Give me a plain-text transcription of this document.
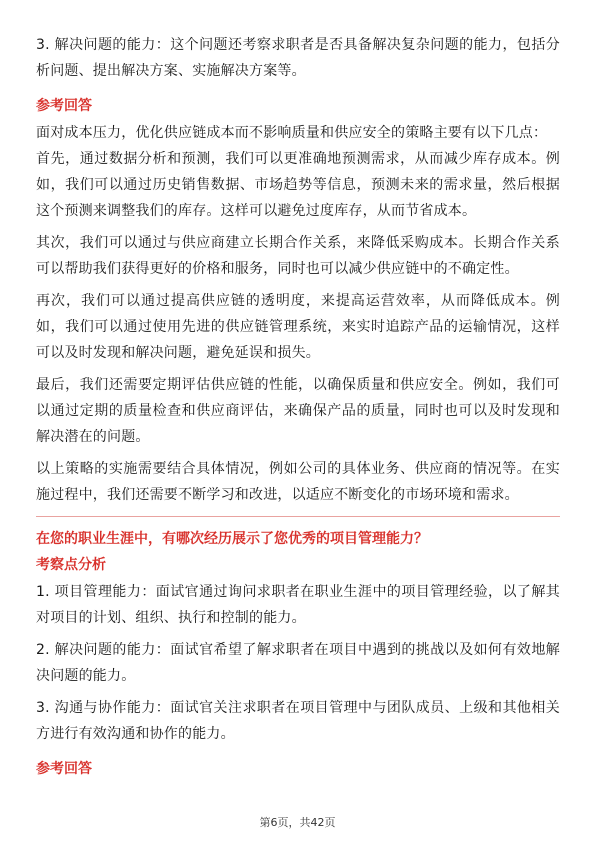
3. 解决问题的能力：这个问题还考察求职者是否具备解决复杂问题的能力，包括分析问题、提出解决方案、实施解决方案等。

参考回答

面对成本压力，优化供应链成本而不影响质量和供应安全的策略主要有以下几点：

首先，通过数据分析和预测，我们可以更准确地预测需求，从而减少库存成本。例如，我们可以通过历史销售数据、市场趋势等信息，预测未来的需求量，然后根据这个预测来调整我们的库存。这样可以避免过度库存，从而节省成本。

其次，我们可以通过与供应商建立长期合作关系，来降低采购成本。长期合作关系可以帮助我们获得更好的价格和服务，同时也可以减少供应链中的不确定性。

再次，我们可以通过提高供应链的透明度，来提高运营效率，从而降低成本。例如，我们可以通过使用先进的供应链管理系统，来实时追踪产品的运输情况，这样可以及时发现和解决问题，避免延误和损失。

最后，我们还需要定期评估供应链的性能，以确保质量和供应安全。例如，我们可以通过定期的质量检查和供应商评估，来确保产品的质量，同时也可以及时发现和解决潜在的问题。

以上策略的实施需要结合具体情况，例如公司的具体业务、供应商的情况等。在实施过程中，我们还需要不断学习和改进，以适应不断变化的市场环境和需求。

在您的职业生涯中，有哪次经历展示了您优秀的项目管理能力？
考察点分析

1. 项目管理能力：面试官通过询问求职者在职业生涯中的项目管理经验，以了解其对项目的计划、组织、执行和控制的能力。

2. 解决问题的能力：面试官希望了解求职者在项目中遇到的挑战以及如何有效地解决问题的能力。

3. 沟通与协作能力：面试官关注求职者在项目管理中与团队成员、上级和其他相关方进行有效沟通和协作的能力。

参考回答
第6页，共42页
